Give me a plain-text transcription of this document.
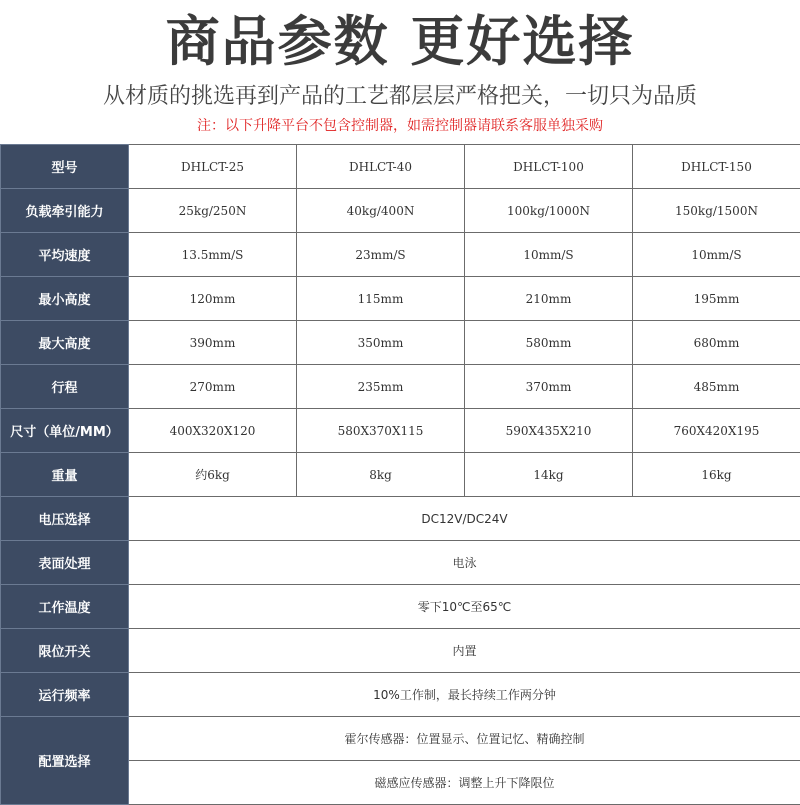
商品参数 更好选择
从材质的挑选再到产品的工艺都层层严格把关，一切只为品质
注：以下升降平台不包含控制器，如需控制器请联系客服单独采购
型号	DHLCT-25	DHLCT-40	DHLCT-100	DHLCT-150
负载牵引能力	25kg/250N	40kg/400N	100kg/1000N	150kg/1500N
平均速度	13.5mm/S	23mm/S	10mm/S	10mm/S
最小高度	120mm	115mm	210mm	195mm
最大高度	390mm	350mm	580mm	680mm
行程	270mm	235mm	370mm	485mm
尺寸（单位/MM）	400X320X120	580X370X115	590X435X210	760X420X195
重量	约6kg	8kg	14kg	16kg
电压选择	DC12V/DC24V			
表面处理	电泳			
工作温度	零下10℃至65℃			
限位开关	内置			
运行频率	10%工作制，最长持续工作两分钟			
配置选择	霍尔传感器：位置显示、位置记忆、精确控制			
	磁感应传感器：调整上升下降限位			
